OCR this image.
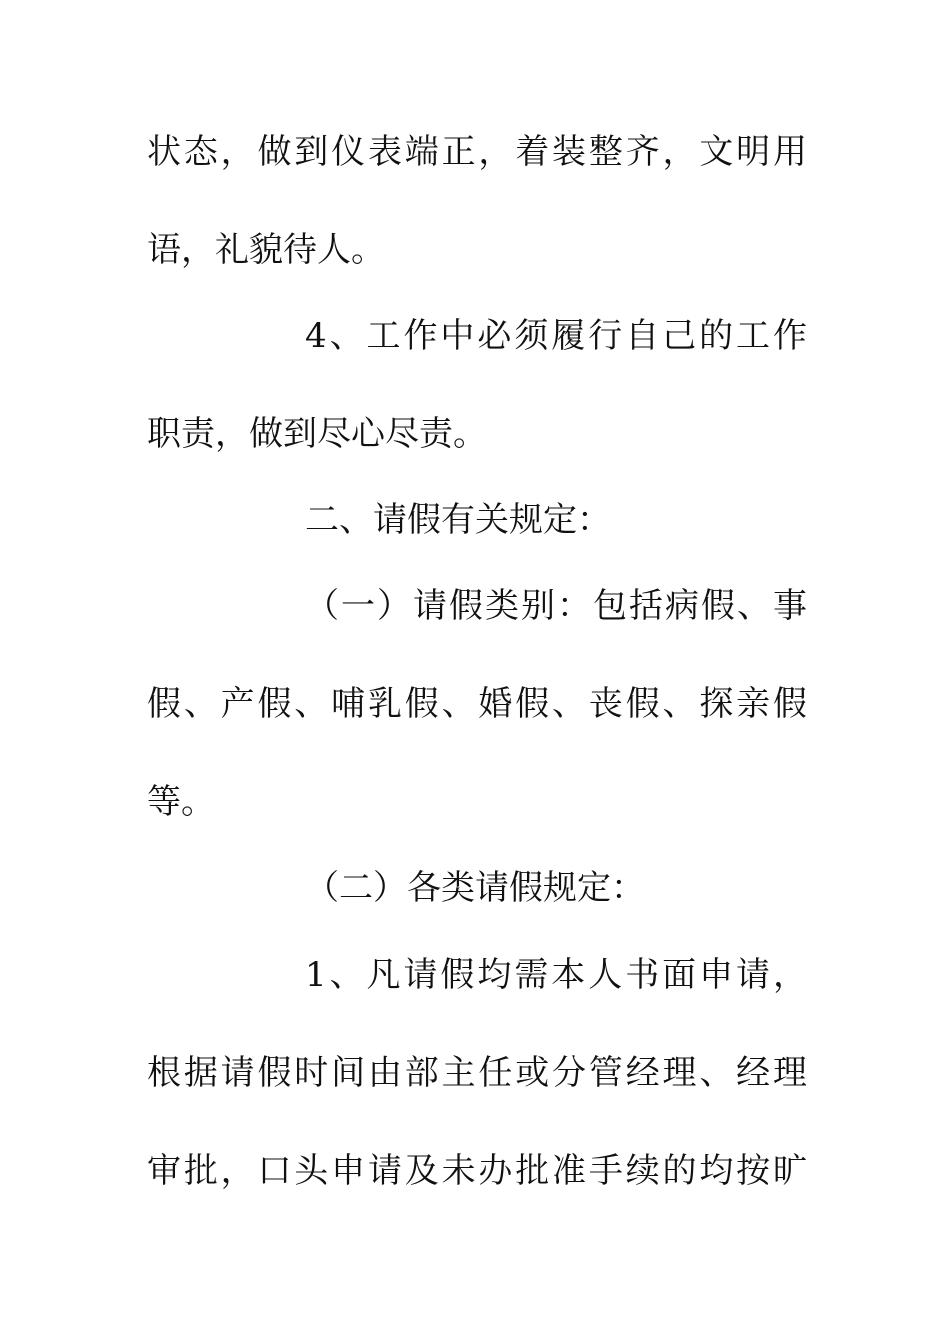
状态，做到仪表端正，着装整齐，文明用
语，礼貌待人。
4、工作中必须履行自己的工作
职责，做到尽心尽责。
二、请假有关规定：
（一）请假类别：包括病假、事
假、产假、哺乳假、婚假、丧假、探亲假
等。
（二）各类请假规定：
1、凡请假均需本人书面申请，
根据请假时间由部主任或分管经理、经理
审批，口头申请及未办批准手续的均按旷
